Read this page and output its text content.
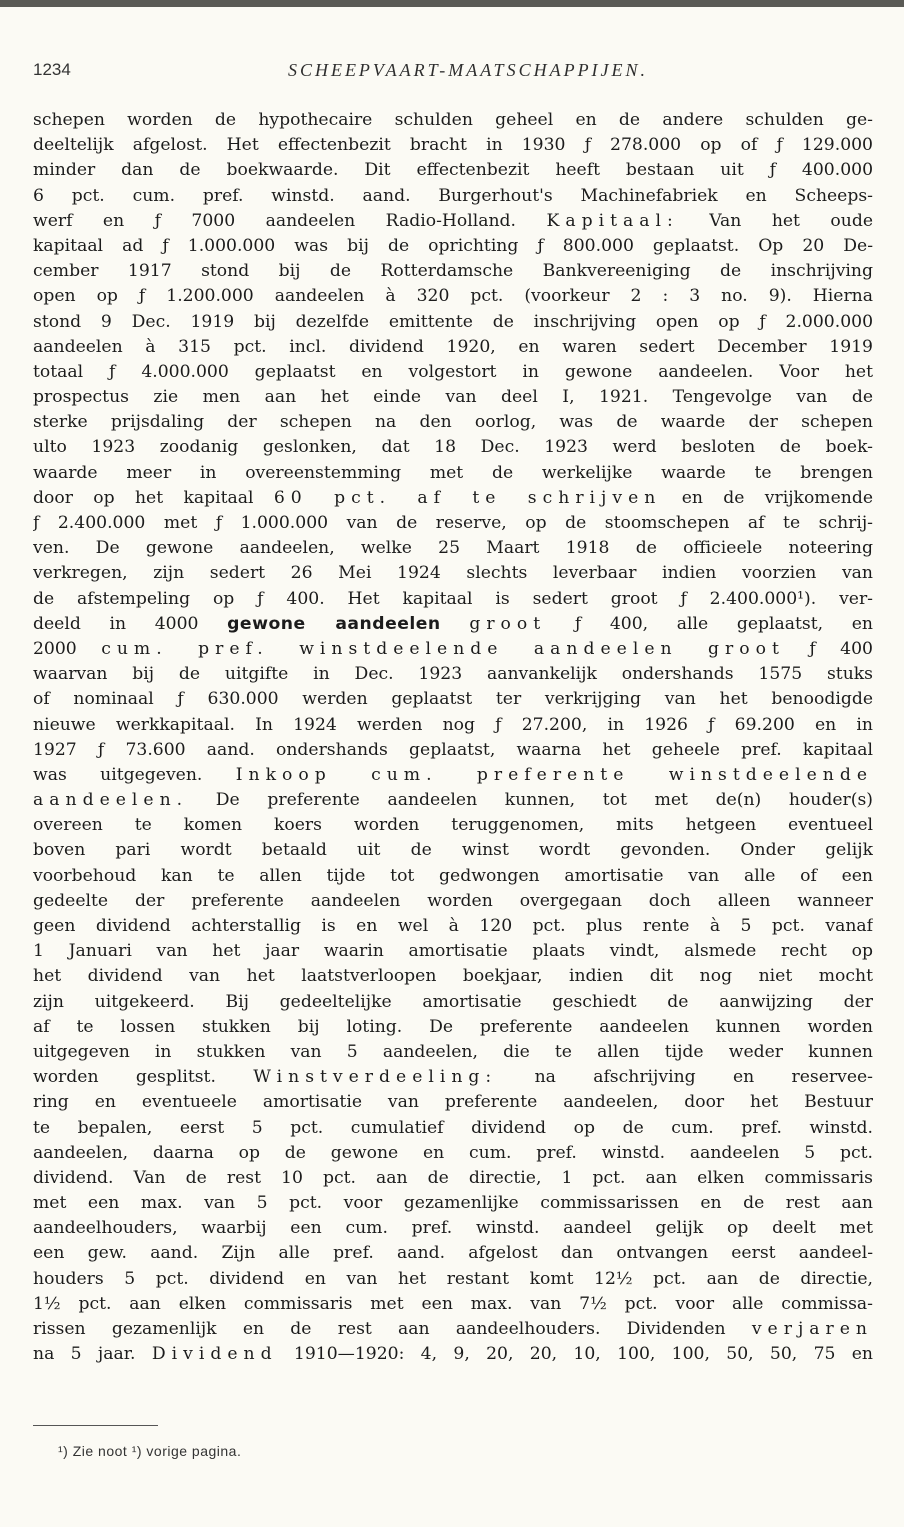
1234	SCHEEPVAART-MAATSCHAPPIJEN.
schepen worden de hypothecaire schulden geheel en de andere schulden ge-
deeltelijk afgelost. Het effectenbezit bracht in 1930 ƒ 278.000 op of ƒ 129.000
minder dan de boekwaarde. Dit effectenbezit heeft bestaan uit ƒ 400.000
6 pct. cum. pref. winstd. aand. Burgerhout's Machinefabriek en Scheeps-
werf en ƒ 7000 aandeelen Radio-Holland. Kapitaal: Van het oude
kapitaal ad ƒ 1.000.000 was bij de oprichting ƒ 800.000 geplaatst. Op 20 De-
cember 1917 stond bij de Rotterdamsche Bankvereeniging de inschrijving
open op ƒ 1.200.000 aandeelen à 320 pct. (voorkeur 2 : 3 no. 9). Hierna
stond 9 Dec. 1919 bij dezelfde emittente de inschrijving open op ƒ 2.000.000
aandeelen à 315 pct. incl. dividend 1920, en waren sedert December 1919
totaal ƒ 4.000.000 geplaatst en volgestort in gewone aandeelen. Voor het
prospectus zie men aan het einde van deel I, 1921. Tengevolge van de
sterke prijsdaling der schepen na den oorlog, was de waarde der schepen
ulto 1923 zoodanig geslonken, dat 18 Dec. 1923 werd besloten de boek-
waarde meer in overeenstemming met de werkelijke waarde te brengen
door op het kapitaal 60 pct. af te schrijven en de vrijkomende
ƒ 2.400.000 met ƒ 1.000.000 van de reserve, op de stoomschepen af te schrij-
ven. De gewone aandeelen, welke 25 Maart 1918 de officieele noteering
verkregen, zijn sedert 26 Mei 1924 slechts leverbaar indien voorzien van
de afstempeling op ƒ 400. Het kapitaal is sedert groot ƒ 2.400.000¹). ver-
deeld in 4000 gewone aandeelen groot ƒ 400, alle geplaatst, en
2000 cum. pref. winstdeelende aandeelen groot ƒ 400
waarvan bij de uitgifte in Dec. 1923 aanvankelijk ondershands 1575 stuks
of nominaal ƒ 630.000 werden geplaatst ter verkrijging van het benoodigde
nieuwe werkkapitaal. In 1924 werden nog ƒ 27.200, in 1926 ƒ 69.200 en in
1927 ƒ 73.600 aand. ondershands geplaatst, waarna het geheele pref. kapitaal
was uitgegeven. Inkoop cum. preferente winstdeelende
aandeelen. De preferente aandeelen kunnen, tot met de(n) houder(s)
overeen te komen koers worden teruggenomen, mits hetgeen eventueel
boven pari wordt betaald uit de winst wordt gevonden. Onder gelijk
voorbehoud kan te allen tijde tot gedwongen amortisatie van alle of een
gedeelte der preferente aandeelen worden overgegaan doch alleen wanneer
geen dividend achterstallig is en wel à 120 pct. plus rente à 5 pct. vanaf
1 Januari van het jaar waarin amortisatie plaats vindt, alsmede recht op
het dividend van het laatstverloopen boekjaar, indien dit nog niet mocht
zijn uitgekeerd. Bij gedeeltelijke amortisatie geschiedt de aanwijzing der
af te lossen stukken bij loting. De preferente aandeelen kunnen worden
uitgegeven in stukken van 5 aandeelen, die te allen tijde weder kunnen
worden gesplitst. Winstverdeeling: na afschrijving en reservee-
ring en eventueele amortisatie van preferente aandeelen, door het Bestuur
te bepalen, eerst 5 pct. cumulatief dividend op de cum. pref. winstd.
aandeelen, daarna op de gewone en cum. pref. winstd. aandeelen 5 pct.
dividend. Van de rest 10 pct. aan de directie, 1 pct. aan elken commissaris
met een max. van 5 pct. voor gezamenlijke commissarissen en de rest aan
aandeelhouders, waarbij een cum. pref. winstd. aandeel gelijk op deelt met
een gew. aand. Zijn alle pref. aand. afgelost dan ontvangen eerst aandeel-
houders 5 pct. dividend en van het restant komt 12½ pct. aan de directie,
1½ pct. aan elken commissaris met een max. van 7½ pct. voor alle commissa-
rissen gezamenlijk en de rest aan aandeelhouders. Dividenden verjaren
na 5 jaar. Dividend 1910—1920: 4, 9, 20, 20, 10, 100, 100, 50, 50, 75 en
¹) Zie noot ¹) vorige pagina.
